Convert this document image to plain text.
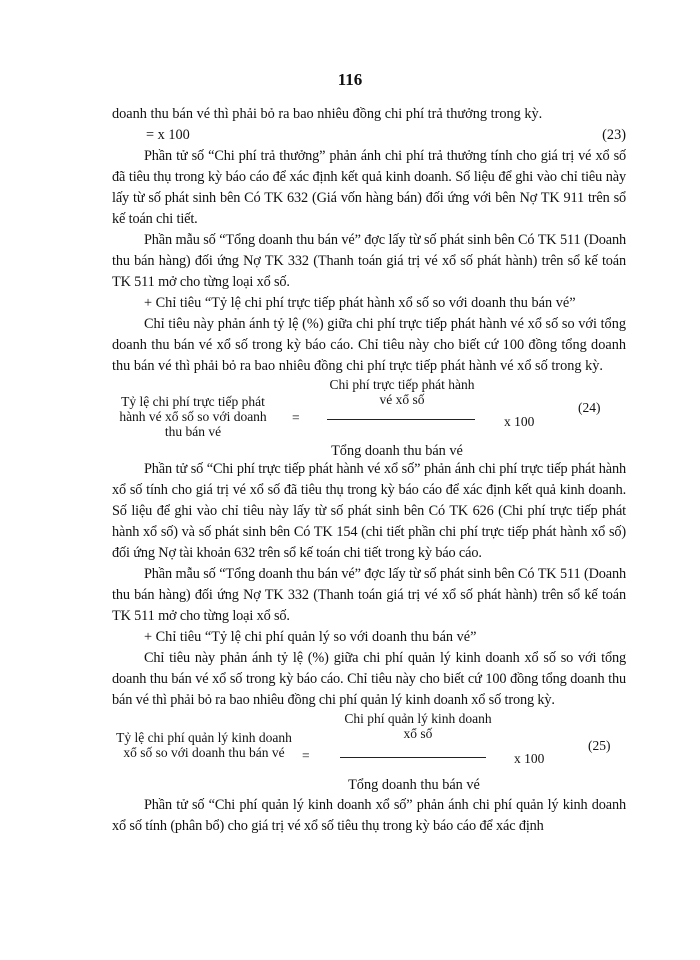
116

doanh thu bán vé thì phải bỏ ra bao nhiêu đồng chi phí trả thưởng trong kỳ.

= x 100	(23)

Phần tử số “Chi phí trả thưởng” phản ánh chi phí trả thưởng tính cho giá trị vé xổ số đã tiêu thụ trong kỳ báo cáo để xác định kết quả kinh doanh. Số liệu để ghi vào chỉ tiêu này lấy từ số phát sinh bên Có TK 632 (Giá vốn hàng bán) đối ứng với bên Nợ TK 911 trên sổ kế toán chi tiết.

Phần mẫu số “Tổng doanh thu bán vé” đợc lấy từ số phát sinh bên Có TK 511 (Doanh thu bán hàng) đối ứng Nợ TK 332 (Thanh toán giá trị vé xổ số phát hành) trên sổ kế toán TK 511 mở cho từng loại xổ số.

+ Chỉ tiêu “Tỷ lệ chi phí trực tiếp phát hành xổ số so với doanh thu bán vé”

Chỉ tiêu này phản ánh tỷ lệ (%) giữa chi phí trực tiếp phát hành vé xổ số so với tổng doanh thu bán vé xổ số trong kỳ báo cáo. Chỉ tiêu này cho biết cứ 100 đồng tổng doanh thu bán vé thì phải bỏ ra bao nhiêu đồng chi phí trực tiếp phát hành vé xổ số trong kỳ.

Tỷ lệ chi phí trực tiếp phát hành vé xổ số so với doanh thu bán vé
=
Chi phí trực tiếp phát hành vé xổ số
x 100
(24)
Tổng doanh thu bán vé

Phần tử số “Chi phí trực tiếp phát hành vé xổ số” phản ánh chi phí trực tiếp phát hành xổ số tính cho giá trị vé xổ số đã tiêu thụ trong kỳ báo cáo để xác định kết quả kinh doanh. Số liệu để ghi vào chỉ tiêu này lấy từ số phát sinh bên Có TK 626 (Chi phí trực tiếp phát hành xổ số) và số phát sinh bên Có TK 154 (chi tiết phần chi phí trực tiếp phát hành xổ số) đối ứng Nợ tài khoản 632 trên sổ kế toán chi tiết trong kỳ báo cáo.

Phần mẫu số “Tổng doanh thu bán vé” đợc lấy từ số phát sinh bên Có TK 511 (Doanh thu bán hàng) đối ứng Nợ TK 332 (Thanh toán giá trị vé xổ số phát hành) trên sổ kế toán TK 511 mở cho từng loại xổ số.

+ Chỉ tiêu “Tỷ lệ chi phí quản lý so với doanh thu bán vé”

Chỉ tiêu này phản ánh tỷ lệ (%) giữa chi phí quản lý kinh doanh xổ số so với tổng doanh thu bán vé xổ số trong kỳ báo cáo. Chỉ tiêu này cho biết cứ 100 đồng tổng doanh thu bán vé thì phải bỏ ra bao nhiêu đồng chi phí quản lý kinh doanh xổ số trong kỳ.

Tỷ lệ chi phí quản lý kinh doanh xổ số so với doanh thu bán vé	=
Chi phí quản lý kinh doanh xổ số
x 100
(25)
Tổng doanh thu bán vé

Phần tử số “Chi phí quản lý kinh doanh xổ số” phản ánh chi phí quản lý kinh doanh xổ số tính (phân bổ) cho giá trị vé xổ số tiêu thụ trong kỳ báo cáo để xác định
